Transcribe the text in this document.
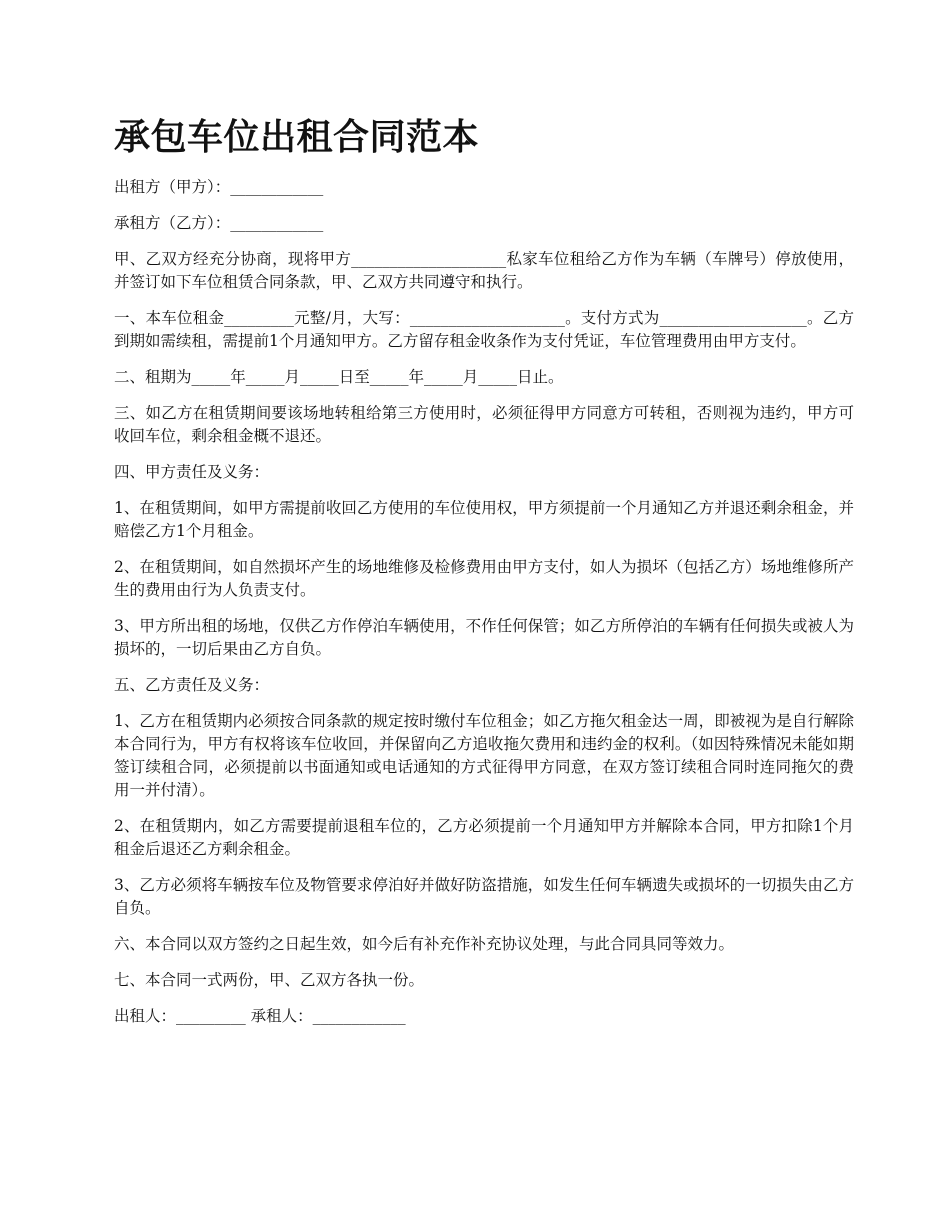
承包车位出租合同范本

出租方（甲方）：____________

承租方（乙方）：____________

甲、乙双方经充分协商，现将甲方____________________私家车位租给乙方作为车辆（车牌号）停放使用，并签订如下车位租赁合同条款，甲、乙双方共同遵守和执行。

一、本车位租金_________元整/月，大写：____________________。支付方式为___________________。乙方到期如需续租，需提前1个月通知甲方。乙方留存租金收条作为支付凭证，车位管理费用由甲方支付。

二、租期为_____年_____月_____日至_____年_____月_____日止。

三、如乙方在租赁期间要该场地转租给第三方使用时，必须征得甲方同意方可转租，否则视为违约，甲方可收回车位，剩余租金概不退还。

四、甲方责任及义务：

1、在租赁期间，如甲方需提前收回乙方使用的车位使用权，甲方须提前一个月通知乙方并退还剩余租金，并赔偿乙方1个月租金。

2、在租赁期间，如自然损坏产生的场地维修及检修费用由甲方支付，如人为损坏（包括乙方）场地维修所产生的费用由行为人负责支付。

3、甲方所出租的场地，仅供乙方作停泊车辆使用，不作任何保管；如乙方所停泊的车辆有任何损失或被人为损坏的，一切后果由乙方自负。

五、乙方责任及义务：

1、乙方在租赁期内必须按合同条款的规定按时缴付车位租金；如乙方拖欠租金达一周，即被视为是自行解除本合同行为，甲方有权将该车位收回，并保留向乙方追收拖欠费用和违约金的权利。（如因特殊情况未能如期签订续租合同，必须提前以书面通知或电话通知的方式征得甲方同意，在双方签订续租合同时连同拖欠的费用一并付清）。

2、在租赁期内，如乙方需要提前退租车位的，乙方必须提前一个月通知甲方并解除本合同，甲方扣除1个月租金后退还乙方剩余租金。

3、乙方必须将车辆按车位及物管要求停泊好并做好防盗措施，如发生任何车辆遗失或损坏的一切损失由乙方自负。

六、本合同以双方签约之日起生效，如今后有补充作补充协议处理，与此合同具同等效力。

七、本合同一式两份，甲、乙双方各执一份。

出租人：_________ 承租人：____________
